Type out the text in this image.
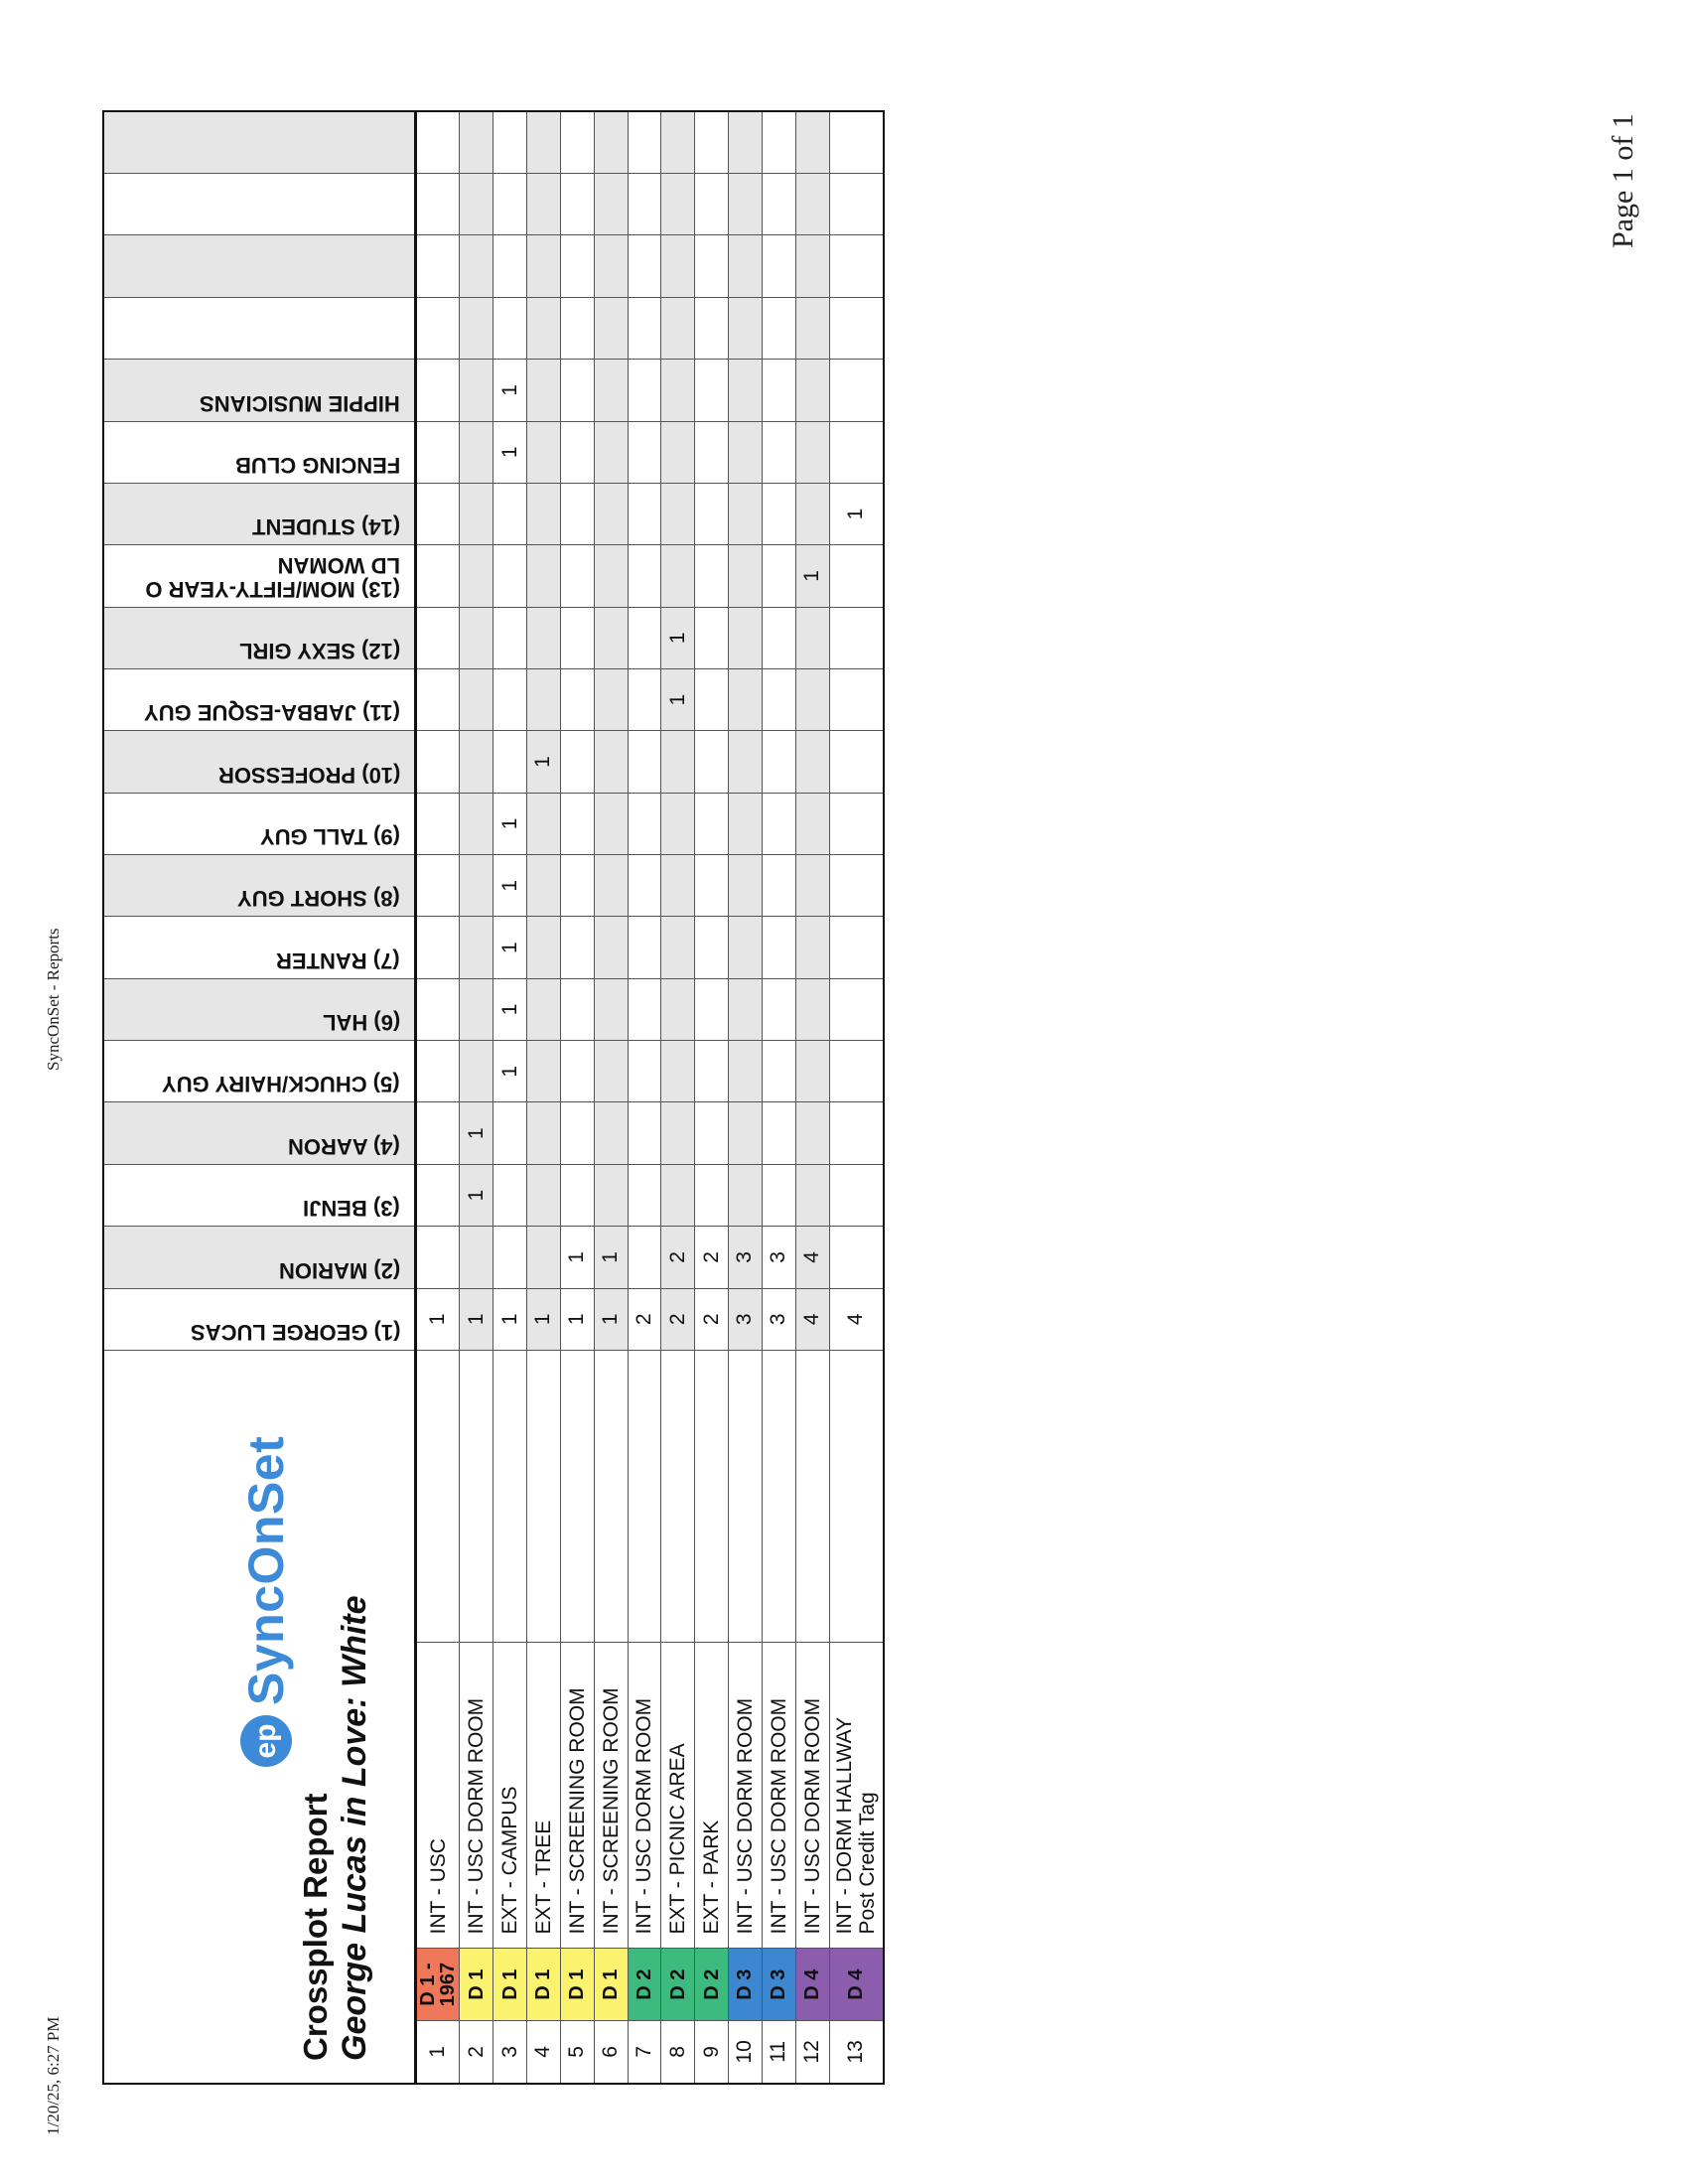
1/20/25, 6:27 PM
SyncOnSet - Reports
Page 1 of 1
Crossplot Report George Lucas in Love: White
ep
SyncOnSet				(1) GEORGE LUCAS	(2) MARION	(3) BENJI	(4) AARON	(5) CHUCK/HAIRY GUY	(6) HAL	(7) RANTER	(8) SHORT GUY	(9) TALL GUY	(10) PROFESSOR	(11) JABBA-ESQUE GUY	(12) SEXY GIRL	(13) MOM/FIFTY-YEAR OLD WOMAN	(14) STUDENT	FENCING CLUB	HIPPIE MUSICIANS				

1	D 1 - 1967	INT - USC		1																			
2	D 1	INT - USC DORM ROOM		1		1	1																
3	D 1	EXT - CAMPUS		1				1	1	1	1	1						1	1				
4	D 1	EXT - TREE		1									1										
5	D 1	INT - SCREENING ROOM		1	1																		
6	D 1	INT - SCREENING ROOM		1	1																		
7	D 2	INT - USC DORM ROOM		2																			
8	D 2	EXT - PICNIC AREA		2	2									1	1								
9	D 2	EXT - PARK		2	2																		
10	D 3	INT - USC DORM ROOM		3	3																		
11	D 3	INT - USC DORM ROOM		3	3																		
12	D 4	INT - USC DORM ROOM		4	4											1							
13	D 4	INT - DORM HALLWAY Post Credit Tag		4													1						
